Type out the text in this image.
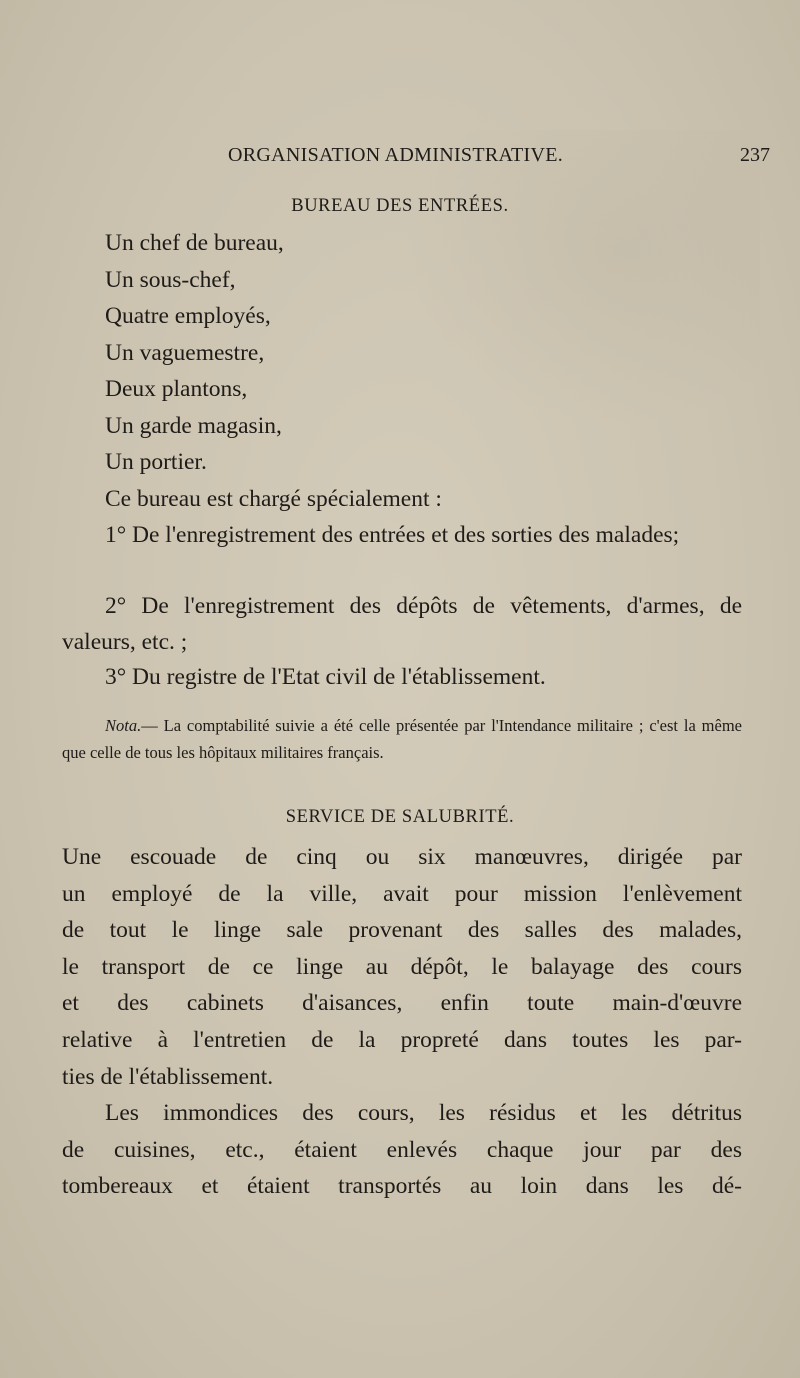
ORGANISATION ADMINISTRATIVE.	237
BUREAU DES ENTRÉES.
Un chef de bureau,
Un sous-chef,
Quatre employés,
Un vaguemestre,
Deux plantons,
Un garde magasin,
Un portier.

Ce bureau est chargé spécialement :

1° De l'enregistrement des entrées et des sorties des malades;

2° De l'enregistrement des dépôts de vêtements, d'armes, de valeurs, etc. ;

3° Du registre de l'Etat civil de l'établissement.

Nota.— La comptabilité suivie a été celle présentée par l'Intendance militaire ; c'est la même que celle de tous les hôpitaux militaires français.

SERVICE DE SALUBRITÉ.

Une escouade de cinq ou six manœuvres, dirigée par
un employé de la ville, avait pour mission l'enlèvement
de tout le linge sale provenant des salles des malades,
le transport de ce linge au dépôt, le balayage des cours
et des cabinets d'aisances, enfin toute main-d'œuvre
relative à l'entretien de la propreté dans toutes les par-
ties de l'établissement.
Les immondices des cours, les résidus et les détritus
de cuisines, etc., étaient enlevés chaque jour par des
tombereaux et étaient transportés au loin dans les dé-
